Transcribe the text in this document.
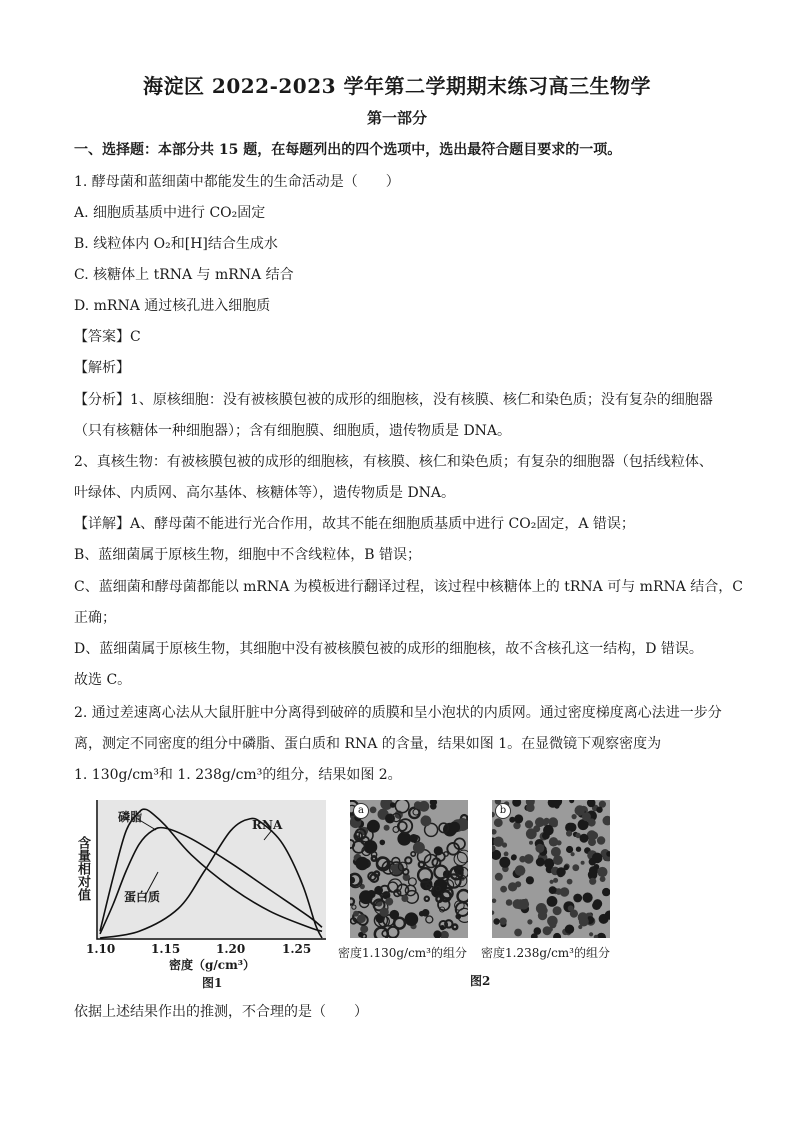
海淀区 2022-2023 学年第二学期期末练习高三生物学
第一部分
一、选择题：本部分共 15 题，在每题列出的四个选项中，选出最符合题目要求的一项。
1. 酵母菌和蓝细菌中都能发生的生命活动是（　　）
A. 细胞质基质中进行 CO₂固定
B. 线粒体内 O₂和[H]结合生成水
C. 核糖体上 tRNA 与 mRNA 结合
D. mRNA 通过核孔进入细胞质
【答案】C
【解析】
【分析】1、原核细胞：没有被核膜包被的成形的细胞核，没有核膜、核仁和染色质；没有复杂的细胞器
（只有核糖体一种细胞器）；含有细胞膜、细胞质，遗传物质是 DNA。
2、真核生物：有被核膜包被的成形的细胞核，有核膜、核仁和染色质；有复杂的细胞器（包括线粒体、
叶绿体、内质网、高尔基体、核糖体等），遗传物质是 DNA。
【详解】A、酵母菌不能进行光合作用，故其不能在细胞质基质中进行 CO₂固定，A 错误；
B、蓝细菌属于原核生物，细胞中不含线粒体，B 错误；
C、蓝细菌和酵母菌都能以 mRNA 为模板进行翻译过程，该过程中核糖体上的 tRNA 可与 mRNA 结合，C
正确；
D、蓝细菌属于原核生物，其细胞中没有被核膜包被的成形的细胞核，故不含核孔这一结构，D 错误。
故选 C。
2. 通过差速离心法从大鼠肝脏中分离得到破碎的质膜和呈小泡状的内质网。通过密度梯度离心法进一步分
离，测定不同密度的组分中磷脂、蛋白质和 RNA 的含量，结果如图 1。在显微镜下观察密度为
1. 130g/cm³和 1. 238g/cm³的组分，结果如图 2。
含量相对值
1.10	1.15	1.20	1.25
密度（g/cm³）
图1
磷脂
蛋白质
RNA
a	b
密度1.130g/cm³的组分 密度1.238g/cm³的组分
图2
依据上述结果作出的推测，不合理的是（　　）
